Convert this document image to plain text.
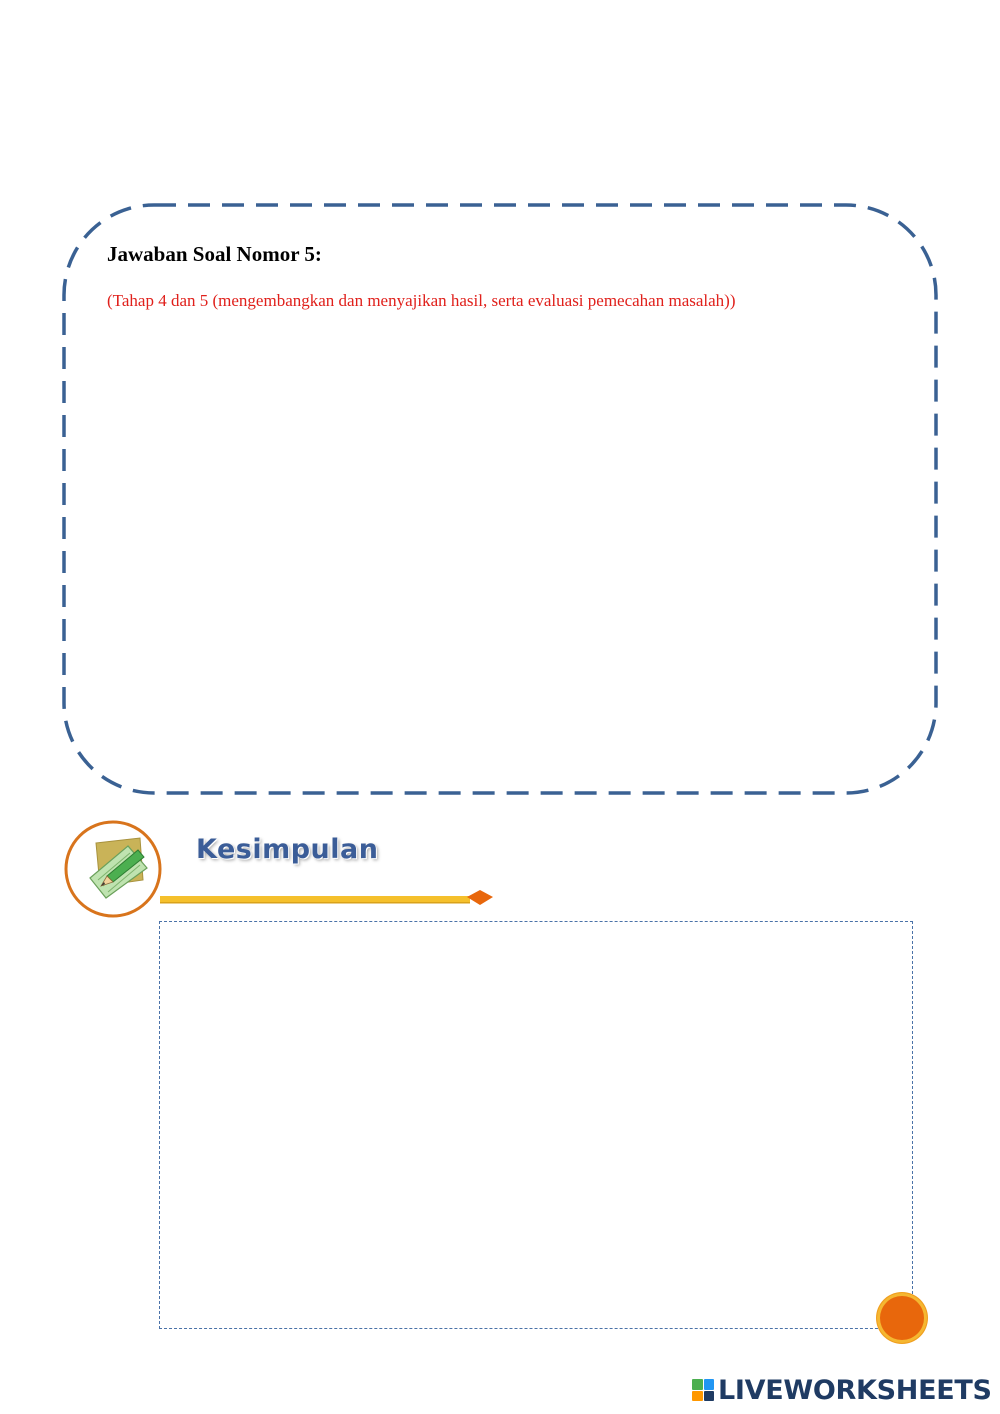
Jawaban Soal Nomor 5:
(Tahap 4 dan 5 (mengembangkan dan menyajikan hasil, serta evaluasi pemecahan masalah))
Kesimpulan
LIVEWORKSHEETS
